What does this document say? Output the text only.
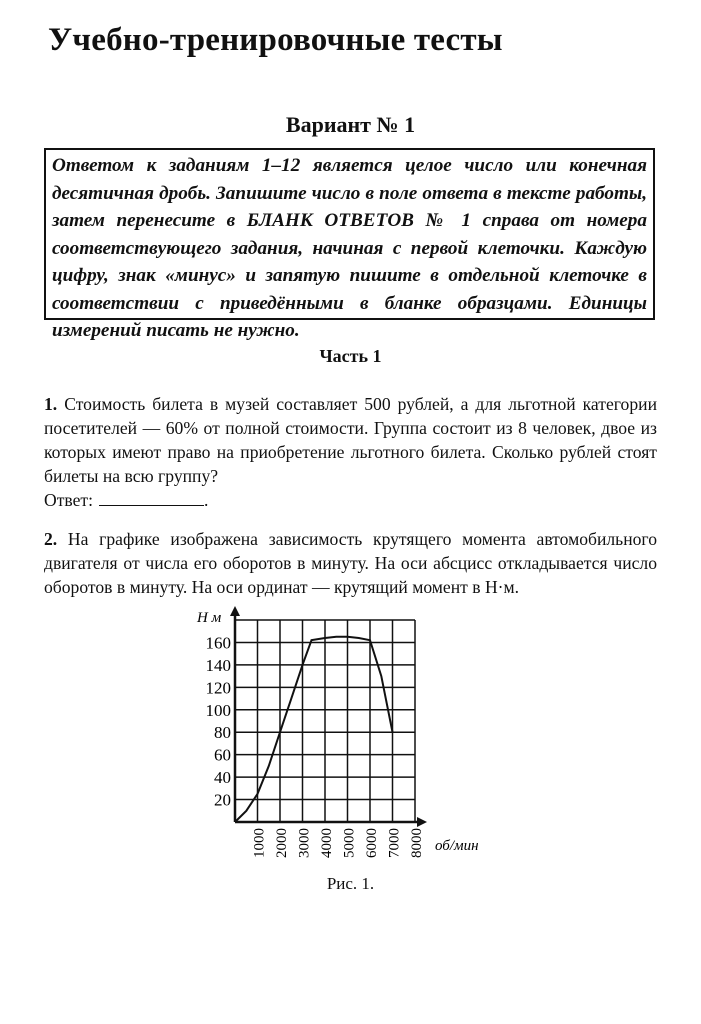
Учебно-тренировочные тесты
Вариант № 1
Ответом к заданиям 1–12 является целое число или конечная десятичная дробь. Запишите число в поле ответа в тексте работы, затем перенесите в БЛАНК ОТВЕТОВ № 1 справа от номера соответствующего задания, начиная с первой клеточки. Каждую цифру, знак «минус» и запятую пишите в отдельной клеточке в соответствии с приведёнными в бланке образцами. Единицы измерений писать не нужно.
Часть 1
1. Стоимость билета в музей составляет 500 рублей, а для льготной категории посетителей — 60% от полной стоимости. Группа состоит из 8 человек, двое из которых имеют право на приобретение льготного билета. Сколько рублей стоят билеты на всю группу?
Ответ:	.
2. На графике изображена зависимость крутящего момента автомобильного двигателя от числа его оборотов в минуту. На оси абсцисс откладывается число оборотов в минуту. На оси ординат — крутящий момент в Н·м.
20
40
60
80
100
120
140
160
1000 2000 3000 4000 5000 6000 7000 8000
Н м
об/мин
Рис. 1.
